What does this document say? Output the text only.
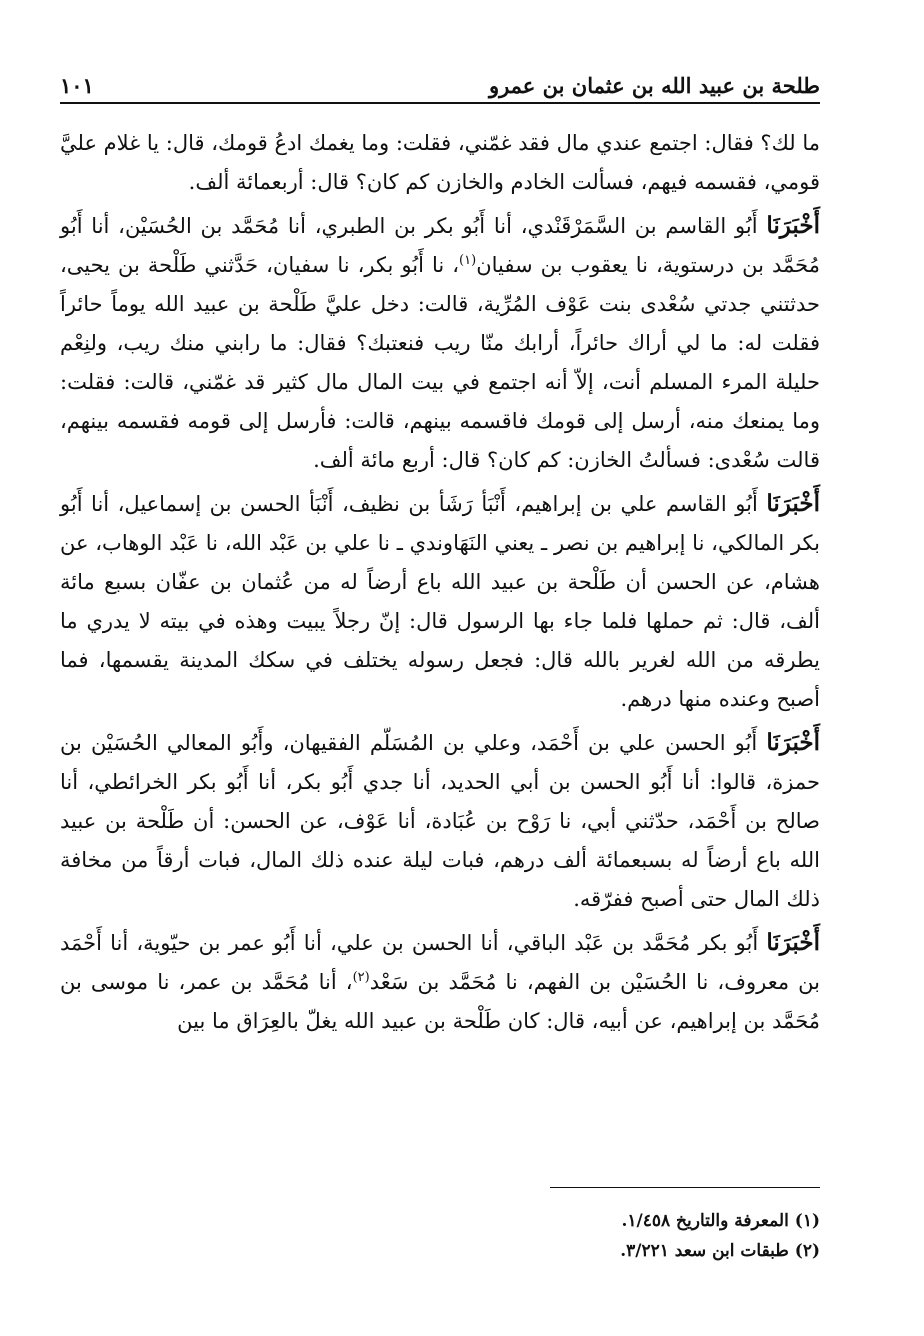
طلحة بن عبيد الله بن عثمان بن عمرو
١٠١

ما لك؟ فقال: اجتمع عندي مال فقد غمّني، فقلت: وما يغمك ادعُ قومك، قال: يا غلام عليَّ قومي، فقسمه فيهم، فسألت الخادم والخازن كم كان؟ قال: أربعمائة ألف.

أَخْبَرَنَا أَبُو القاسم بن السَّمَرْقَنْدي، أنا أَبُو بكر بن الطبري، أنا مُحَمَّد بن الحُسَيْن، أنا أَبُو مُحَمَّد بن درستوية، نا يعقوب بن سفيان$^{(١)}$، نا أَبُو بكر، نا سفيان، حَدَّثني طَلْحة بن يحيى، حدثتني جدتي سُعْدى بنت عَوْف المُرِّية، قالت: دخل عليَّ طَلْحة بن عبيد الله يوماً حائراً فقلت له: ما لي أراك حائراً، أرابك منّا ريب فنعتبك؟ فقال: ما رابني منك ريب، ولنِعْم حليلة المرء المسلم أنت، إلاّ أنه اجتمع في بيت المال مال كثير قد غمّني، قالت: فقلت: وما يمنعك منه، أرسل إلى قومك فاقسمه بينهم، قالت: فأرسل إلى قومه فقسمه بينهم، قالت سُعْدى: فسألتُ الخازن: كم كان؟ قال: أربع مائة ألف.

أَخْبَرَنَا أَبُو القاسم علي بن إبراهيم، أَنْبَأ رَشَأ بن نظيف، أَنْبَأ الحسن بن إسماعيل، أنا أَبُو بكر المالكي، نا إبراهيم بن نصر ـ يعني النَهَاوندي ـ نا علي بن عَبْد الله، نا عَبْد الوهاب، عن هشام، عن الحسن أن طَلْحة بن عبيد الله باع أرضاً له من عُثمان بن عفّان بسبع مائة ألف، قال: ثم حملها فلما جاء بها الرسول قال: إنّ رجلاً يبيت وهذه في بيته لا يدري ما يطرقه من الله لغرير بالله قال: فجعل رسوله يختلف في سكك المدينة يقسمها، فما أصبح وعنده منها درهم.

أَخْبَرَنَا أَبُو الحسن علي بن أَحْمَد، وعلي بن المُسَلّم الفقيهان، وأَبُو المعالي الحُسَيْن بن حمزة، قالوا: أنا أَبُو الحسن بن أبي الحديد، أنا جدي أَبُو بكر، أنا أَبُو بكر الخرائطي، أنا صالح بن أَحْمَد، حدّثني أبي، نا رَوْح بن عُبَادة، أنا عَوْف، عن الحسن: أن طَلْحة بن عبيد الله باع أرضاً له بسبعمائة ألف درهم، فبات ليلة عنده ذلك المال، فبات أرقاً من مخافة ذلك المال حتى أصبح ففرّقه.

أَخْبَرَنَا أَبُو بكر مُحَمَّد بن عَبْد الباقي، أنا الحسن بن علي، أنا أَبُو عمر بن حيّوية، أنا أَحْمَد بن معروف، نا الحُسَيْن بن الفهم، نا مُحَمَّد بن سَعْد$^{(٢)}$، أنا مُحَمَّد بن عمر، نا موسى بن مُحَمَّد بن إبراهيم، عن أبيه، قال: كان طَلْحة بن عبيد الله يغلّ بالعِرَاق ما بين

(١) المعرفة والتاريخ ١/٤٥٨.
(٢) طبقات ابن سعد ٣/٢٢١.
